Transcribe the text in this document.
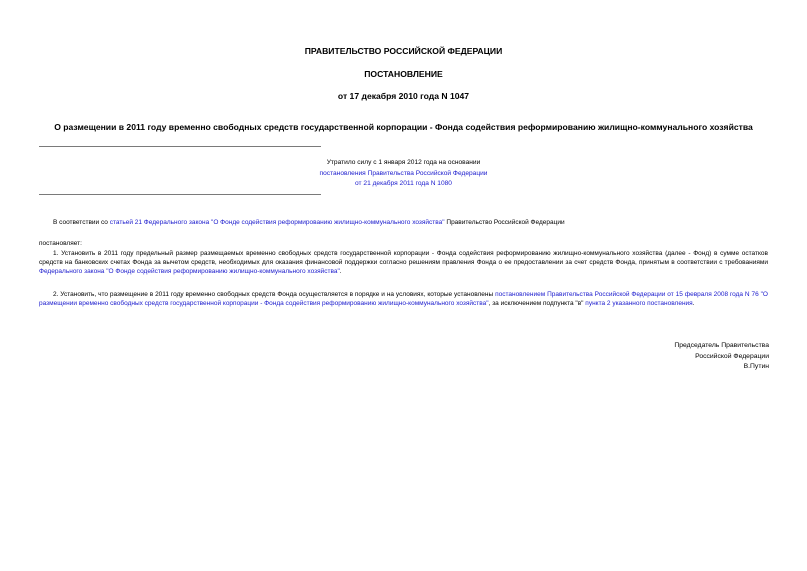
ПРАВИТЕЛЬСТВО РОССИЙСКОЙ ФЕДЕРАЦИИ
ПОСТАНОВЛЕНИЕ
от 17 декабря 2010 года N 1047
О размещении в 2011 году временно свободных средств государственной корпорации - Фонда содействия реформированию жилищно-коммунального хозяйства
Утратило силу с 1 января 2012 года на основании
постановления Правительства Российской Федерации
от 21 декабря 2011 года N 1080
В соответствии со статьей 21 Федерального закона "О Фонде содействия реформированию жилищно-коммунального хозяйства" Правительство Российской Федерации
постановляет:
1. Установить в 2011 году предельный размер размещаемых временно свободных средств государственной корпорации - Фонда содействия реформированию жилищно-коммунального хозяйства (далее - Фонд) в сумме остатков средств на банковских счетах Фонда за вычетом средств, необходимых для оказания финансовой поддержки согласно решениям правления Фонда о ее предоставлении за счет средств Фонда, принятым в соответствии с требованиями Федерального закона "О Фонде содействия реформированию жилищно-коммунального хозяйства".
2. Установить, что размещение в 2011 году временно свободных средств Фонда осуществляется в порядке и на условиях, которые установлены постановлением Правительства Российской Федерации от 15 февраля 2008 года N 76 "О размещении временно свободных средств государственной корпорации - Фонда содействия реформированию жилищно-коммунального хозяйства", за исключением подпункта "в" пункта 2 указанного постановления.
Председатель Правительства
Российской Федерации
В.Путин
